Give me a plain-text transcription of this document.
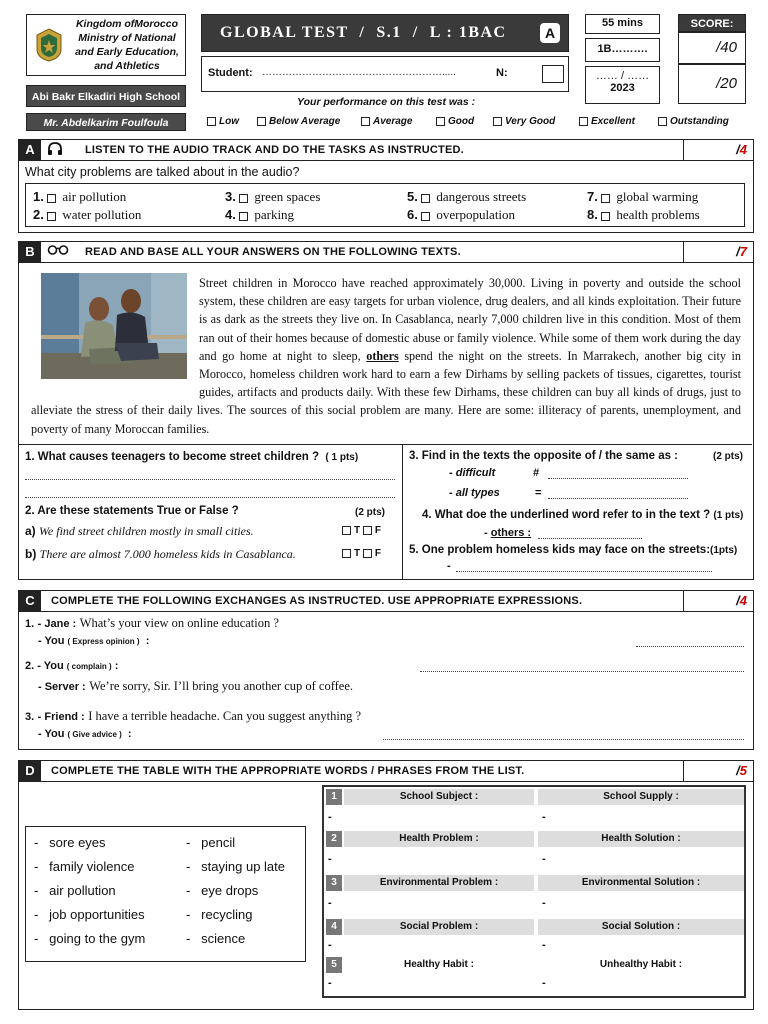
Kingdom ofMorocco
Ministry of National
and Early Education,
and Athletics
Abi Bakr Elkadiri High School
Mr. Abdelkarim Foulfoula
GLOBAL TEST  /  S.1  /  L : 1BAC	A
Student: ……………………………………………….....	N:
Your performance on this test was :
55 mins
1B……….
…… / ……
2023
SCORE:
/40
/20
Low	Below Average	Average	Good	Very Good	Excellent	Outstanding
A	LISTEN TO THE AUDIO TRACK AND DO THE TASKS AS INSTRUCTED.	/4
What city problems are talked about in the audio?
1. air pollution
2. water pollution
3. green spaces
4. parking
5. dangerous streets
6. overpopulation
7. global warming
8. health problems
B	READ AND BASE ALL YOUR ANSWERS ON THE FOLLOWING TEXTS.	/7
Street children in Morocco have reached approximately 30,000. Living in poverty and outside the school system, these children are easy targets for urban violence, drug dealers, and all kinds exploitation. Their future is as dark as the streets they live on. In Casablanca, nearly 7,000 children live in this condition. Most of them ran out of their homes because of domestic abuse or family violence. While some of them work during the day and go home at night to sleep, others spend the night on the streets. In Marrakech, another big city in Morocco, homeless children work hard to earn a few Dirhams by selling packets of tissues, cigarettes, tourist guides, artifacts and products daily. With these few Dirhams, these children can buy all kinds of drugs, just to alleviate the stress of their daily lives. The sources of this social problem are many. Here are some: illiteracy of parents, unemployment, and poverty of many Moroccan families.
1. What causes teenagers to become street children ? ( 1 pts)
2. Are these statements True or False ?	(2 pts)
a) We find street children mostly in small cities.	T F
b) There are almost 7.000 homeless kids in Casablanca.	T F
3. Find in the texts the opposite of / the same as :	(2 pts)
- difficult	#
- all types	=
4. What doe the underlined word refer to in the text ? (1 pts)
- others :
5. One problem homeless kids may face on the streets:(1pts)
-
C	COMPLETE THE FOLLOWING EXCHANGES AS INSTRUCTED. USE APPROPRIATE EXPRESSIONS.	/4
1. - Jane : What’s your view on online education ?
- You ( Express opinion ) :
2. - You ( complain ) :
- Server : We’re sorry, Sir. I’ll bring you another cup of coffee.
3. - Friend : I have a terrible headache. Can you suggest anything ?
- You ( Give advice ) :
D	COMPLETE THE TABLE WITH THE APPROPRIATE WORDS / PHRASES FROM THE LIST.	/5
-   sore eyes
-   family violence
-   air pollution
-   job opportunities
-   going to the gym
-   pencil
-   staying up late
-   eye drops
-   recycling
-   science
1	School Subject :	School Supply :
-	-
2	Health Problem :	Health Solution :
-	-
3	Environmental Problem :	Environmental Solution :
-	-
4	Social Problem :	Social Solution :
-	-
5	Healthy Habit :	Unhealthy Habit :
-	-
